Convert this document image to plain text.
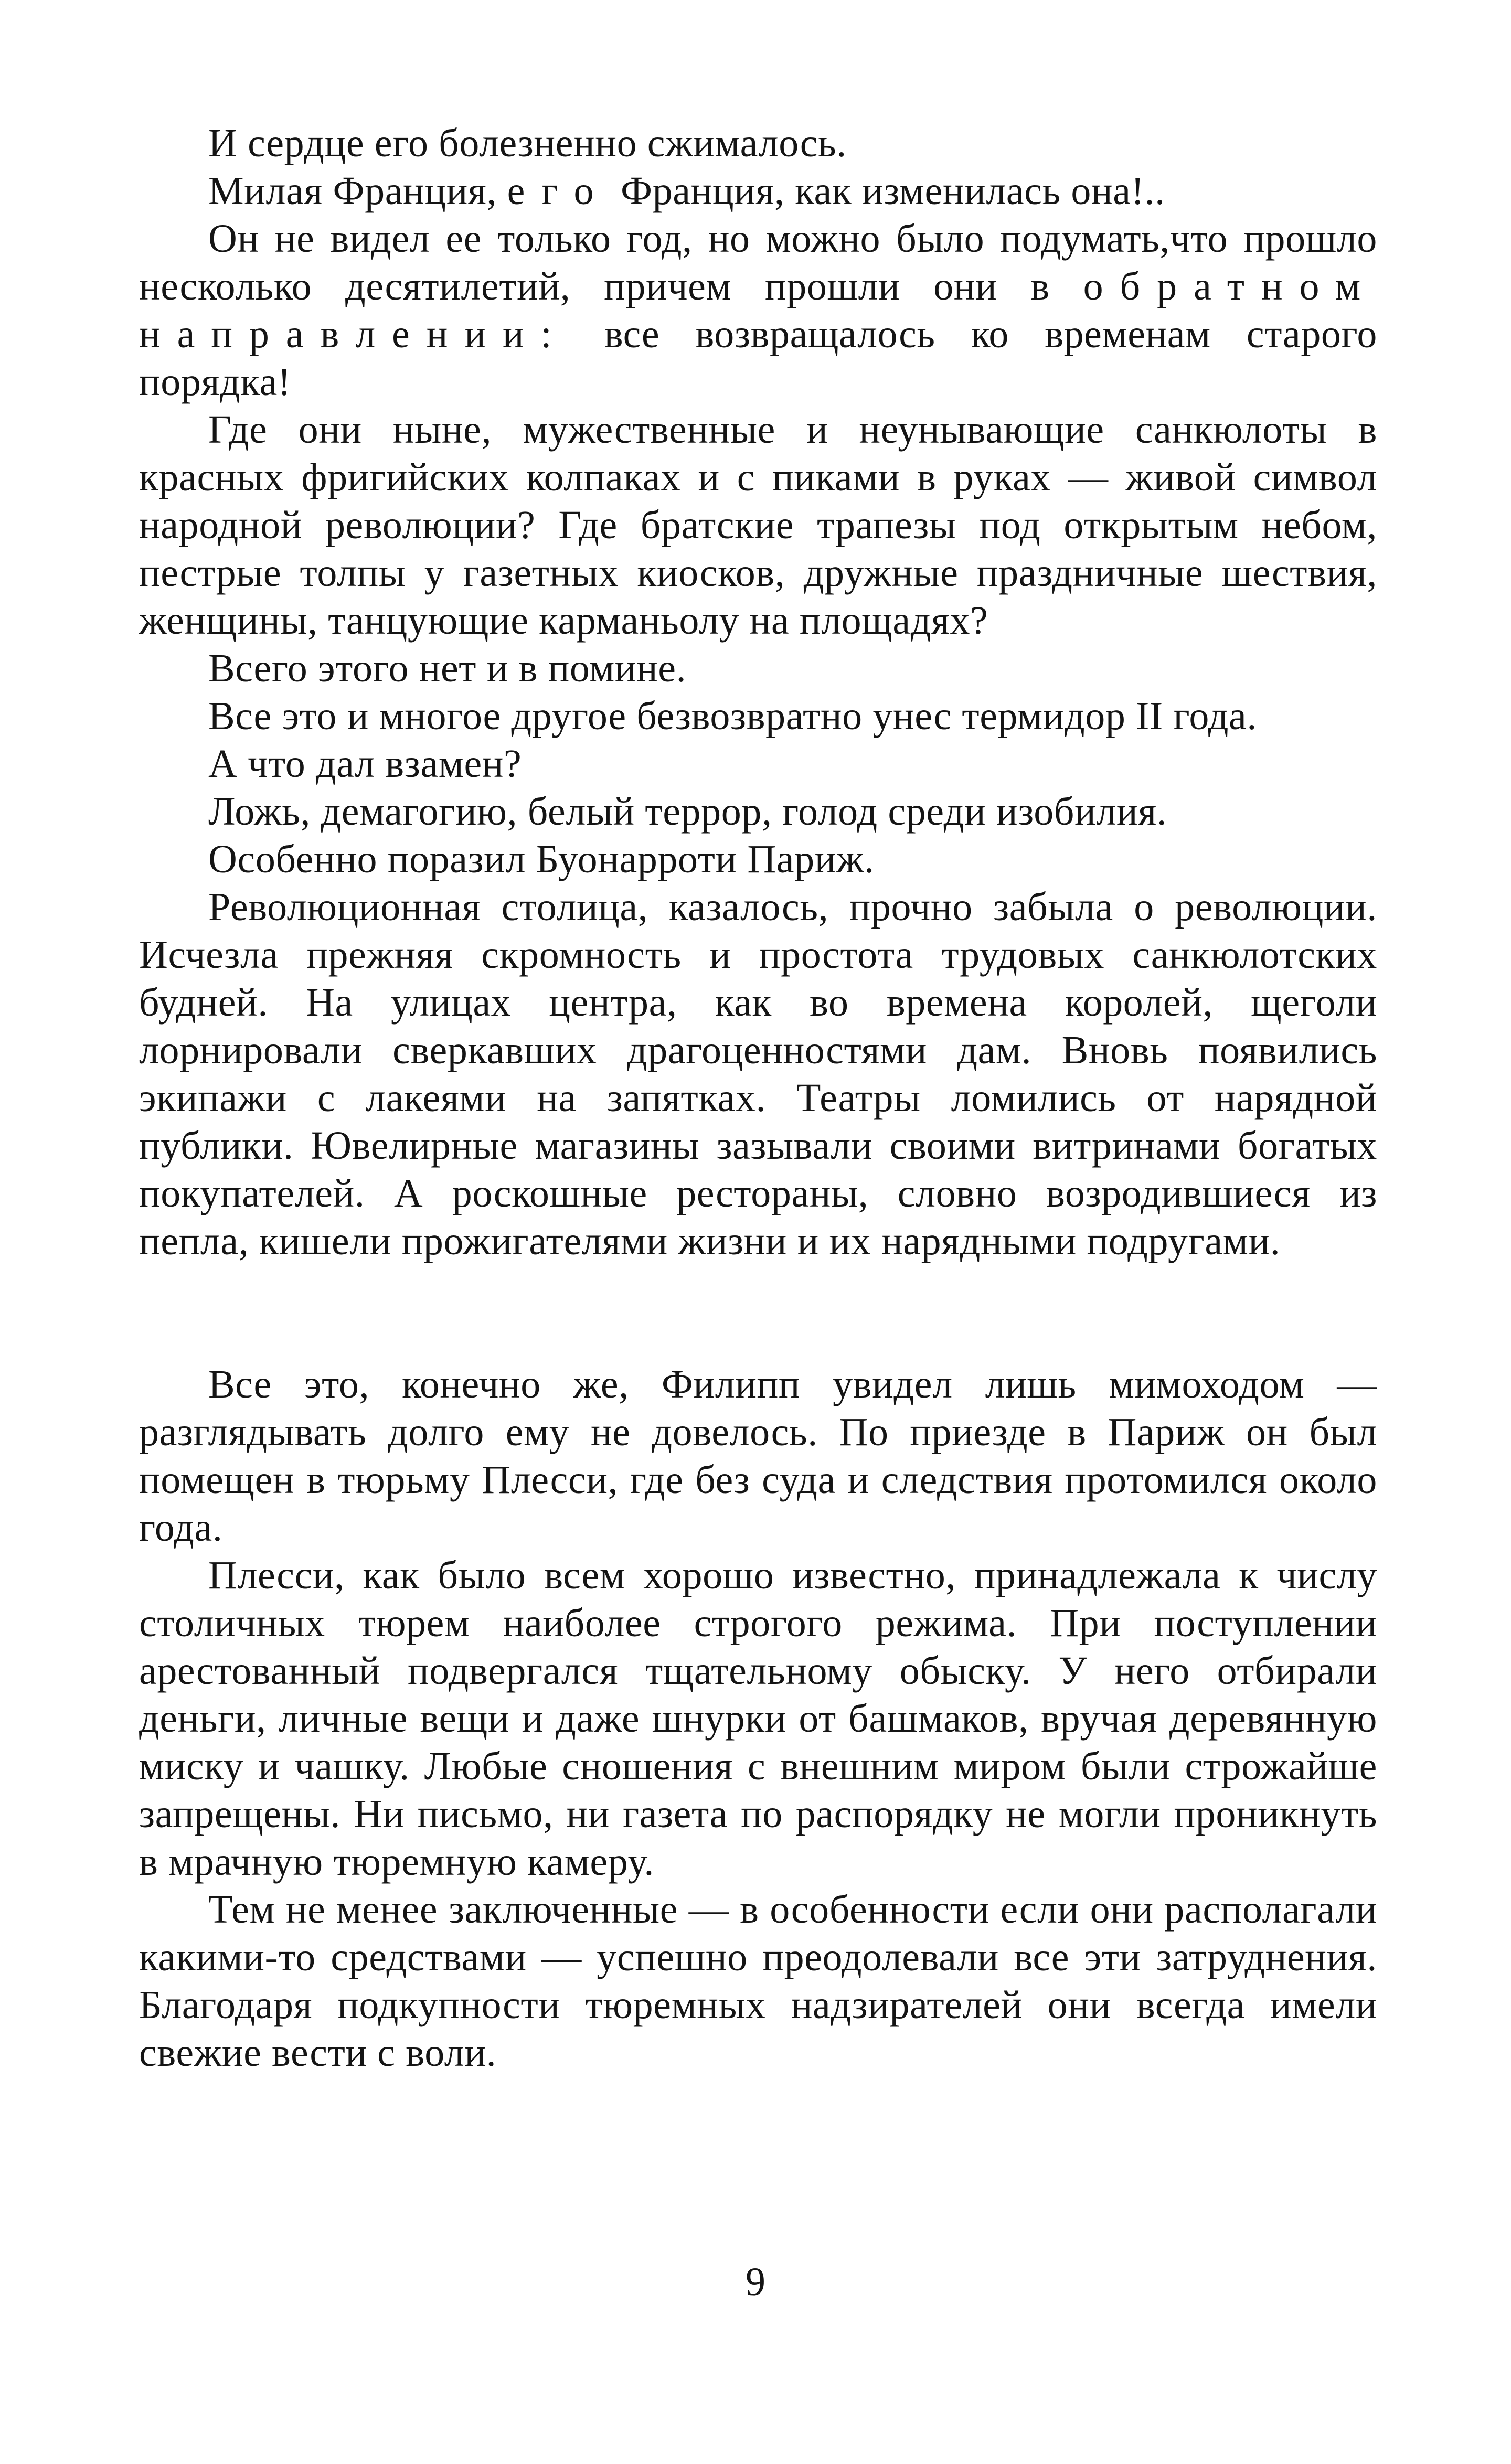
И сердце его болезненно сжималось.

Милая Франция, его Франция, как изменилась она!..

Он не видел ее только год, но можно было подумать,что прошло несколько десятилетий, причем прошли они в обратном направлении: все возвращалось ко временам старого порядка!

Где они ныне, мужественные и неунывающие санкюлоты в красных фригийских колпаках и с пиками в руках — живой символ народной революции? Где братские трапезы под открытым небом, пестрые толпы у газетных киосков, дружные праздничные шествия, женщины, танцующие карманьолу на площадях?

Всего этого нет и в помине.

Все это и многое другое безвозвратно унес термидор II года.

А что дал взамен?

Ложь, демагогию, белый террор, голод среди изобилия.

Особенно поразил Буонарроти Париж.

Революционная столица, казалось, прочно забыла о революции. Исчезла прежняя скромность и простота трудовых санкюлотских будней. На улицах центра, как во времена королей, щеголи лорнировали сверкавших драгоценностями дам. Вновь появились экипажи с лакеями на запятках. Театры ломились от нарядной публики. Ювелирные магазины зазывали своими витринами богатых покупателей. А роскошные рестораны, словно возродившиеся из пепла, кишели прожигателями жизни и их нарядными подругами.

Все это, конечно же, Филипп увидел лишь мимоходом — разглядывать долго ему не довелось. По приезде в Париж он был помещен в тюрьму Плесси, где без суда и следствия протомился около года.

Плесси, как было всем хорошо известно, принадлежала к числу столичных тюрем наиболее строгого режима. При поступлении арестованный подвергался тщательному обыску. У него отбирали деньги, личные вещи и даже шнурки от башмаков, вручая деревянную миску и чашку. Любые сношения с внешним миром были строжайше запрещены. Ни письмо, ни газета по распорядку не могли проникнуть в мрачную тюремную камеру.

Тем не менее заключенные — в особенности если они располагали какими-то средствами — успешно преодолевали все эти затруднения. Благодаря подкупности тюремных надзирателей они всегда имели свежие вести с воли.

9
